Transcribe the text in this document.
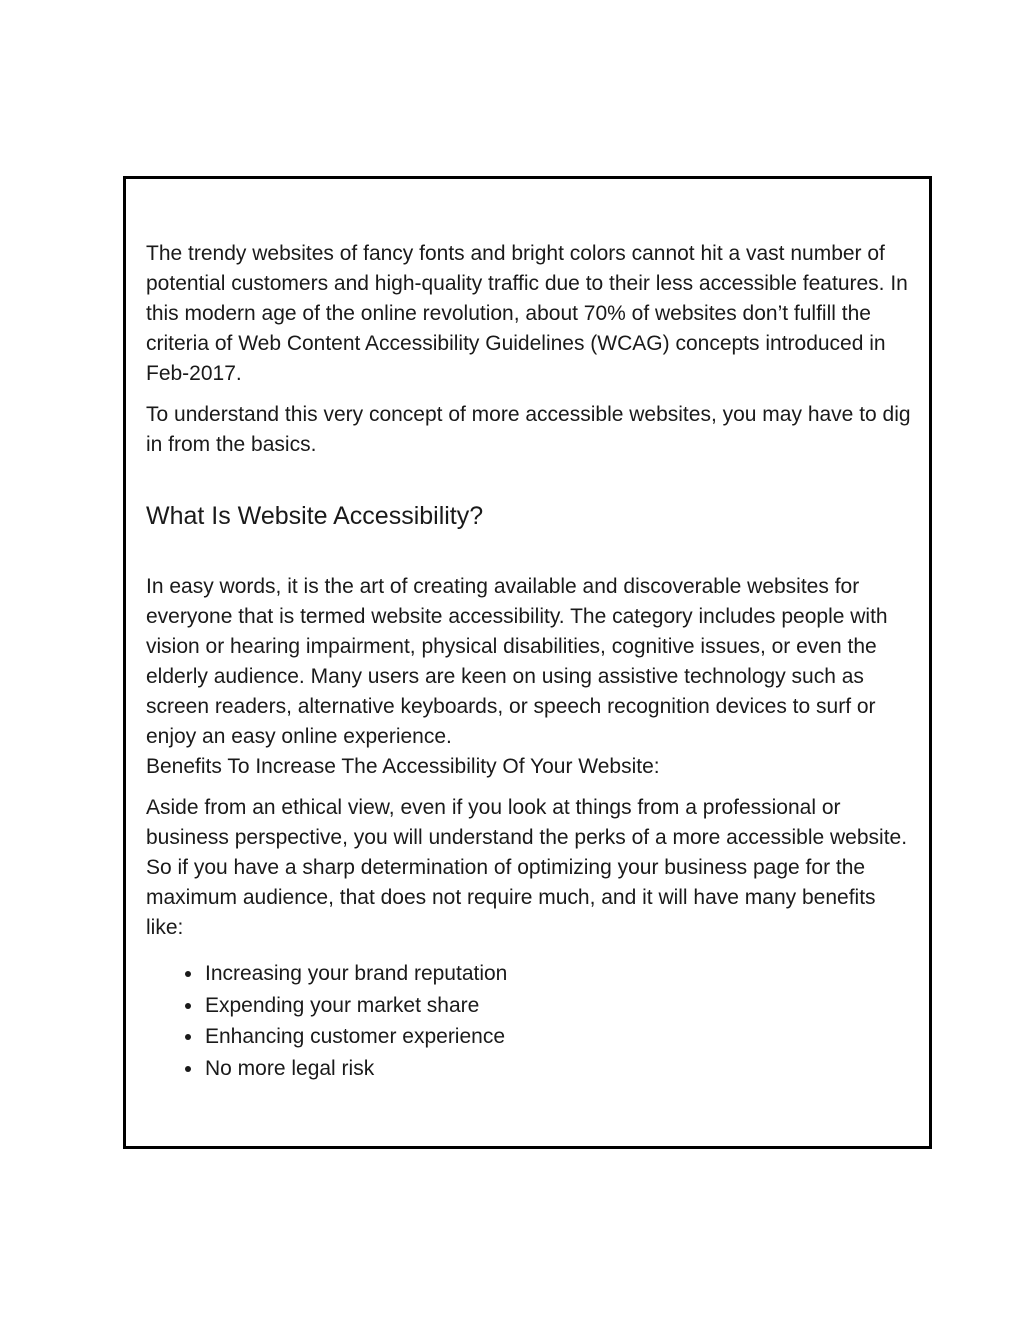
The trendy websites of fancy fonts and bright colors cannot hit a vast number of potential customers and high-quality traffic due to their less accessible features. In this modern age of the online revolution, about 70% of websites don’t fulfill the criteria of Web Content Accessibility Guidelines (WCAG) concepts introduced in Feb-2017.

To understand this very concept of more accessible websites, you may have to dig in from the basics.

What Is Website Accessibility?

In easy words, it is the art of creating available and discoverable websites for everyone that is termed website accessibility. The category includes people with vision or hearing impairment, physical disabilities, cognitive issues, or even the elderly audience. Many users are keen on using assistive technology such as screen readers, alternative keyboards, or speech recognition devices to surf or enjoy an easy online experience.

Benefits To Increase The Accessibility Of Your Website:

Aside from an ethical view, even if you look at things from a professional or business perspective, you will understand the perks of a more accessible website. So if you have a sharp determination of optimizing your business page for the maximum audience, that does not require much, and it will have many benefits like:

Increasing your brand reputation
Expending your market share
Enhancing customer experience
No more legal risk
